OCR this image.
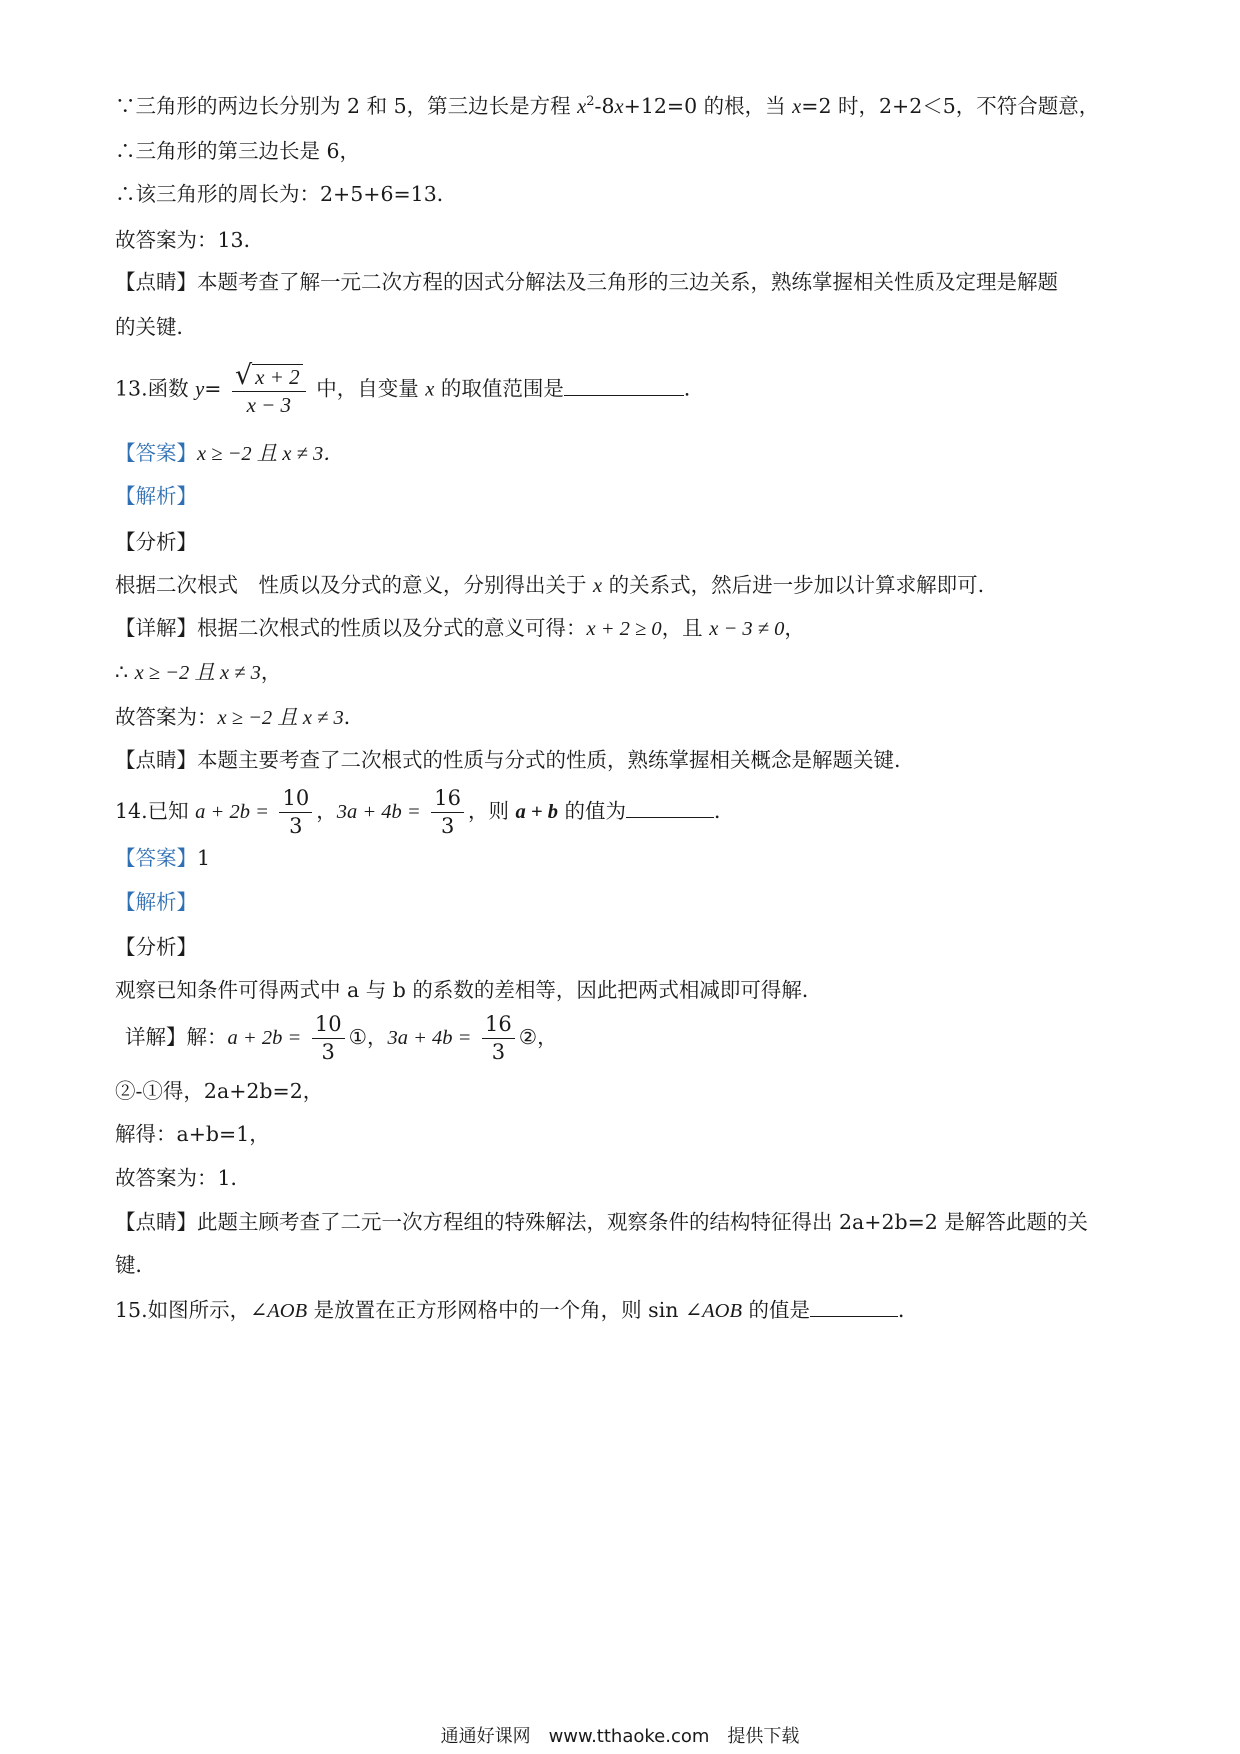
∵三角形的两边长分别为 2 和 5，第三边长是方程 $x^2-8x+12=0$ 的根，当 x=2 时，2+2＜5，不符合题意，
∴三角形的第三边长是 6，
∴该三角形的周长为：2+5+6=13．
故答案为：13．
【点睛】本题考查了解一元二次方程的因式分解法及三角形的三边关系，熟练掌握相关性质及定理是解题
的关键．
13.函数 $y= \frac{√ x + 2}{x - 3}$ 中，自变量 x 的取值范围是	．
【答案】x ≥ −2 且 x ≠ 3．
【解析】
【分析】
根据二次根式　性质以及分式的意义，分别得出关于 x 的关系式，然后进一步加以计算求解即可.
【详解】根据二次根式的性质以及分式的意义可得：x + 2 ≥ 0，且 x − 3 ≠ 0，
∴ x ≥ −2 且 x ≠ 3，
故答案为：x ≥ −2 且 x ≠ 3．
【点睛】本题主要考查了二次根式的性质与分式的性质，熟练掌握相关概念是解题关键.
14.已知 $a + 2b = \frac{10}{3}$ ，$3a + 4b = \frac{16}{3}$ ，则 a + b 的值为	．
【答案】1
【解析】
【分析】
观察已知条件可得两式中 a 与 b 的系数的差相等，因此把两式相减即可得解．
详解】解：$a + 2b = \frac{10}{3}$ ①，$3a + 4b = \frac{16}{3}$ ②，
②-①得，2a+2b=2，
解得：a+b=1，
故答案为：1．
【点睛】此题主顾考查了二元一次方程组的特殊解法，观察条件的结构特征得出 2a+2b=2 是解答此题的关
键．
15.如图所示，∠AOB 是放置在正方形网格中的一个角，则 sin ∠AOB 的值是	．
通通好课网　www.tthaoke.com　提供下载
